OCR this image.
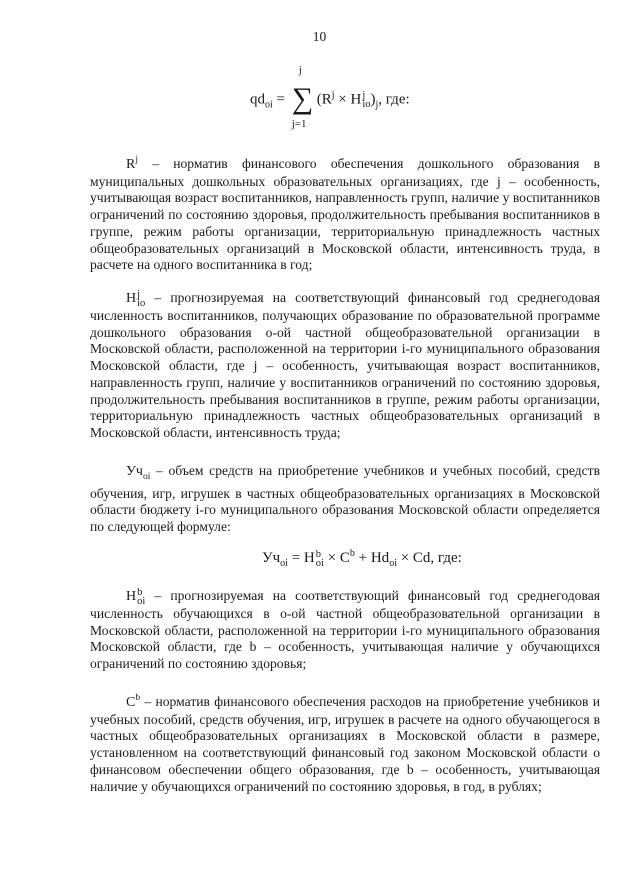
10
$qd_{oi}$ =
j
∑
j=1
($R^j \times H$ j
io )$_j$, где:
$R^j$ – норматив финансового обеспечения дошкольного образования в муниципальных дошкольных образовательных организациях, где j – особенность, учитывающая возраст воспитанников, направленность групп, наличие у воспитанников ограничений по состоянию здоровья, продолжительность пребывания воспитанников в группе, режим работы организации, территориальную принадлежность частных общеобразовательных организаций в Московской области, интенсивность труда, в расчете на одного воспитанника в год;
H j
io – прогнозируемая на соответствующий финансовый год среднегодовая численность воспитанников, получающих образование по образовательной программе дошкольного образования о-ой частной общеобразовательной организации в Московской области, расположенной на территории i-го муниципального образования Московской области, где j – особенность, учитывающая возраст воспитанников, направленность групп, наличие у воспитанников ограничений по состоянию здоровья, продолжительность пребывания воспитанников в группе, режим работы организации, территориальную принадлежность частных общеобразовательных организаций в Московской области, интенсивность труда;
$Уч_{oi}$ – объем средств на приобретение учебников и учебных пособий, средств обучения, игр, игрушек в частных общеобразовательных организациях в Московской области бюджету i-го муниципального образования Московской области определяется по следующей формуле:
$Уч_{oi} = H$ b
oi × $C^b + Hd_{oi} \times Cd$, где:
H b
oi – прогнозируемая на соответствующий финансовый год среднегодовая численность обучающихся в о-ой частной общеобразовательной организации в Московской области, расположенной на территории i-го муниципального образования Московской области, где b – особенность, учитывающая наличие у обучающихся ограничений по состоянию здоровья;
$C^b$ – норматив финансового обеспечения расходов на приобретение учебников и учебных пособий, средств обучения, игр, игрушек в расчете на одного обучающегося в частных общеобразовательных организациях в Московской области в размере, установленном на соответствующий финансовый год законом Московской области о финансовом обеспечении общего образования, где b – особенность, учитывающая наличие у обучающихся ограничений по состоянию здоровья, в год, в рублях;
